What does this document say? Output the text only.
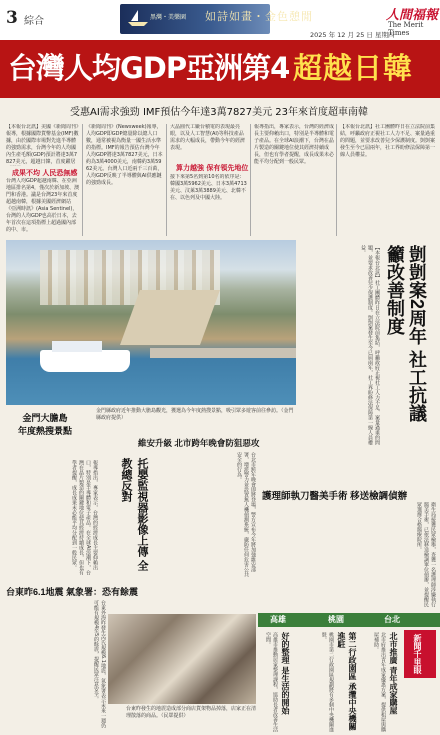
3 綜合	黑灣・美樂園 如詩如畫・金色憩閒	人間福報
The Merit Times
2025 年 12 月 25 日 星期四
台灣人均GDP亞洲第4 超越日韓
受惠AI需求強勁 IMF預估今年達3萬7827美元 23年來首度超車南韓
【本報台北訊】美國《新聞周刊》報導，根據國際貨幣基金(IMF)數據，由於國際市場對先進半導體的強勁需求，台灣今年的人均國內生產毛額(GDP)預計將達3萬7827美元，超越日韓，首度躍居
成果不均 人民恐無感
台灣人均GDP超越南韓、在亞洲地區排名第4，僅次於新加坡、澳門和香港。議是台灣23年來首度超越南韓，根據美國經濟網站《亞洲時訊》(Asia Sentinel)，台灣的人均GDP也高於日本，去年首次在這項指標上超過國內部的中、市。
《新聞周刊》(Newsweek)報導，人均GDP即GDP總量除以總人口數，通常被視為衡量一國生活水準的指標。IMF的報告預估台灣今年人均GDP將達3萬7827美元，日本約為3萬4000美元，南韓約3萬5962美元。台灣人口近兩千三百萬，人均GDP反映了半導體與AI供應鏈的強勁成長。
大晶圓代工廠台積電的表現最亮眼，以及人工智慧(AI)等科技產品需求的大幅成長，帶動今年的經濟表現。
算力越強 保有領先地位
接下來第5名到第10名的依序是：韓國3萬5962美元、日本3萬4713美元、汶萊3萬3889美元、北韓不在、以色列及中國大陸。
報導指出，專家表示，台灣的經濟成長主要仰賴出口，特別是半導體和電子產品。在全球AI浪潮下，台灣在晶片製造的關鍵地位使其經濟持續成長，但也有學者提醒，成長成果未必能平均分配到一般民眾。
【本報台北訊】社工團體昨日在立法院前集結，呼籲政府正視社工人力不足、案量過重的問題，並要求改善兒少保護制度。剴剴案發生至今已屆兩年，社工界盼修法保障第一線人員權益。
金門大膽島
年度熱搜景點
金門縣政府近年推動大膽島觀光，獲選為今年度熱搜景點，吸引眾多遊客前往參訪。（金門縣政府提供）	剴剴案2周年 社工抗議籲改善制度
【本報台北訊】社工團體昨日在立法院前集結，呼籲政府正視社工人力不足、案量過重的問題，並要求改善兒少保護制度。剴剴案發生至今已屆兩年，社工界盼修法保障第一線人員權益。
報導指出，專家表示，台灣的經濟成長主要仰賴出口，特別是半導體和電子產品。在全球AI浪潮下，台灣在晶片製造的關鍵地位使其經濟持續成長，但也有學者提醒，成長成果未必能平均分配到一般民眾。	托嬰監視器影像上傳 全教總反對
維安升級 北市跨年晚會防狙惡攻
台北市跨年晚會即將登場，警方宣布今年將加強維安部署，增派警力並設置無人機偵測系統，嚴防任何危害公共安全的行為。
護理師執刀醫美手術 移送檢調偵辦
衛生局接獲民眾檢舉，查獲一名護理師涉嫌執行醫美手術，已依法移送檢調單位偵辦，並提醒民眾選擇合格醫療院所。
台東昨6.1地震 氣象署：恐有餘震
台東外海昨發生芮氏規模6.1地震，氣象署表示未來一週仍可能有規模4至5的餘震，提醒民眾注意安全。
台東昨發生的地震造成部分商店貨架物品掉落，店家正在清理散落的商品。（民眾提供）
高雄	桃園	台北
好的整理 是生活的開始
高雄市推動居家整理課程，協助長者改善生活空間。	第二行政園區 承攬中央機關進駐
桃園市第二行政園區規劃將有多個中央機關進駐。	北市推廣 青年成家購屋
北市府推出青年成家優惠方案，提供租屋與購屋補助。	新聞千里眼
